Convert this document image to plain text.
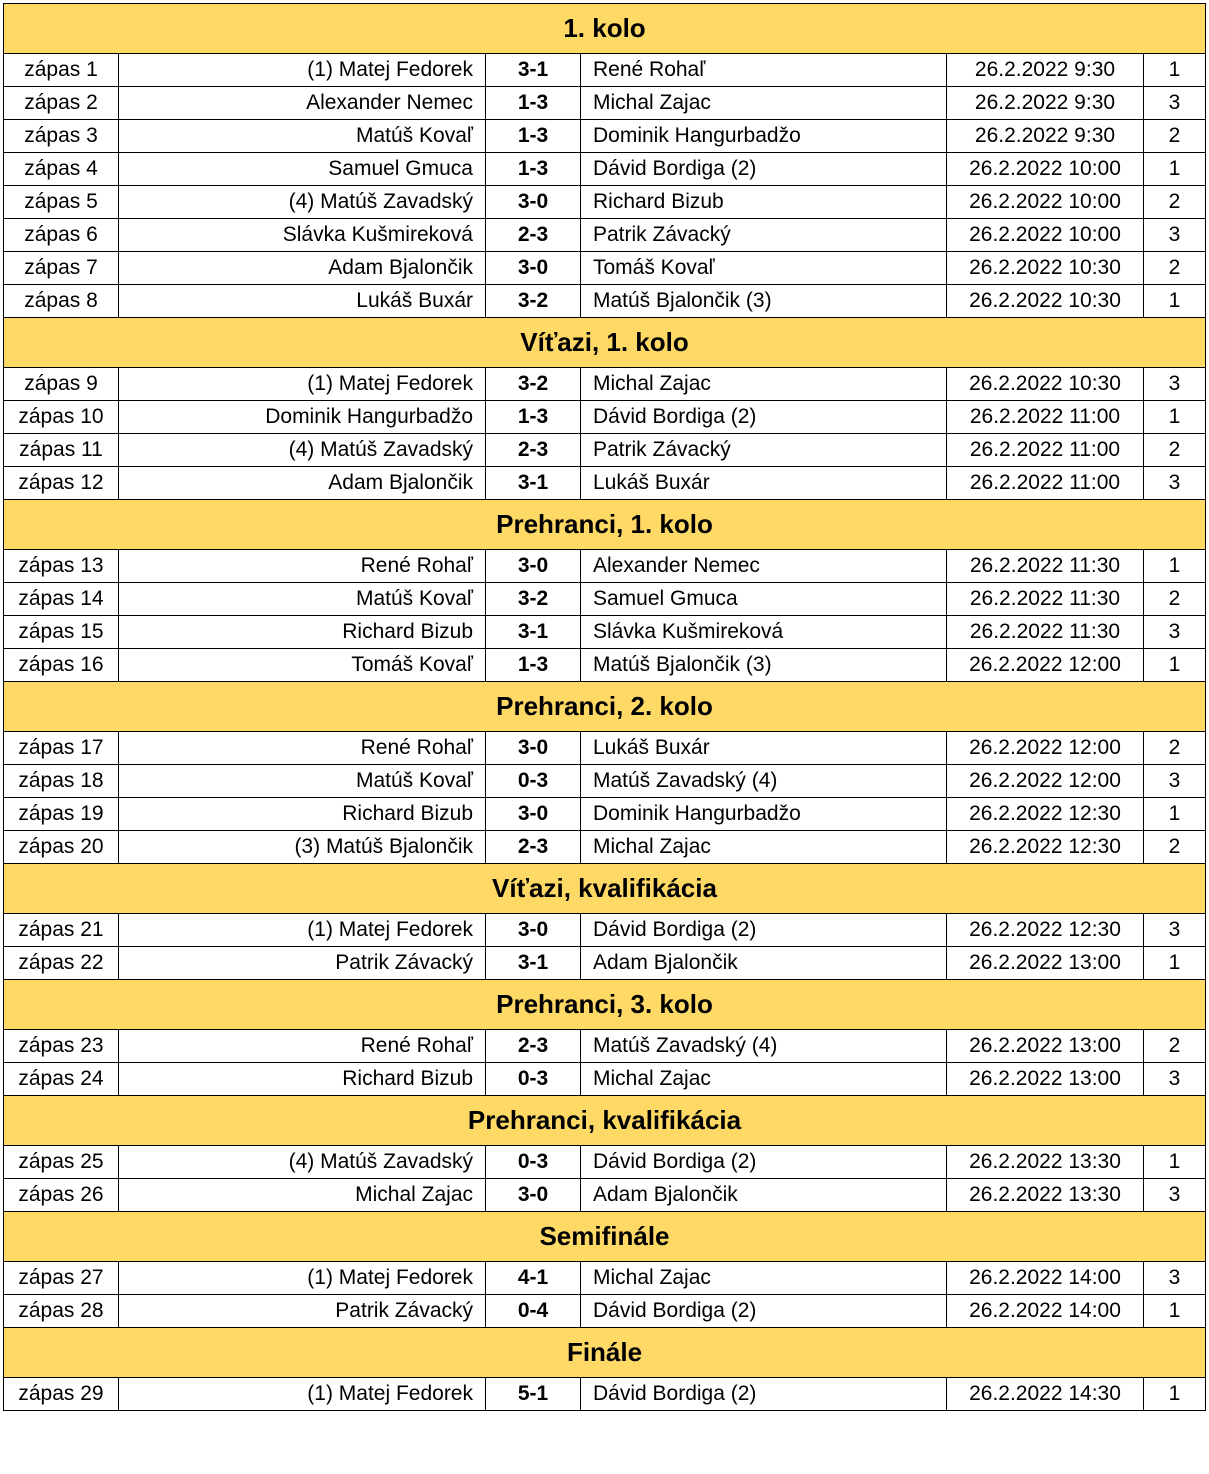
1. kolo					
zápas 1	(1) Matej Fedorek	3-1	René Rohaľ	26.2.2022 9:30	1
zápas 2	Alexander Nemec	1-3	Michal Zajac	26.2.2022 9:30	3
zápas 3	Matúš Kovaľ	1-3	Dominik Hangurbadžo	26.2.2022 9:30	2
zápas 4	Samuel Gmuca	1-3	Dávid Bordiga (2)	26.2.2022 10:00	1
zápas 5	(4) Matúš Zavadský	3-0	Richard Bizub	26.2.2022 10:00	2
zápas 6	Slávka Kušmireková	2-3	Patrik Závacký	26.2.2022 10:00	3
zápas 7	Adam Bjalončik	3-0	Tomáš Kovaľ	26.2.2022 10:30	2
zápas 8	Lukáš Buxár	3-2	Matúš Bjalončik (3)	26.2.2022 10:30	1
Víťazi, 1. kolo					
zápas 9	(1) Matej Fedorek	3-2	Michal Zajac	26.2.2022 10:30	3
zápas 10	Dominik Hangurbadžo	1-3	Dávid Bordiga (2)	26.2.2022 11:00	1
zápas 11	(4) Matúš Zavadský	2-3	Patrik Závacký	26.2.2022 11:00	2
zápas 12	Adam Bjalončik	3-1	Lukáš Buxár	26.2.2022 11:00	3
Prehranci, 1. kolo					
zápas 13	René Rohaľ	3-0	Alexander Nemec	26.2.2022 11:30	1
zápas 14	Matúš Kovaľ	3-2	Samuel Gmuca	26.2.2022 11:30	2
zápas 15	Richard Bizub	3-1	Slávka Kušmireková	26.2.2022 11:30	3
zápas 16	Tomáš Kovaľ	1-3	Matúš Bjalončik (3)	26.2.2022 12:00	1
Prehranci, 2. kolo					
zápas 17	René Rohaľ	3-0	Lukáš Buxár	26.2.2022 12:00	2
zápas 18	Matúš Kovaľ	0-3	Matúš Zavadský (4)	26.2.2022 12:00	3
zápas 19	Richard Bizub	3-0	Dominik Hangurbadžo	26.2.2022 12:30	1
zápas 20	(3) Matúš Bjalončik	2-3	Michal Zajac	26.2.2022 12:30	2
Víťazi, kvalifikácia					
zápas 21	(1) Matej Fedorek	3-0	Dávid Bordiga (2)	26.2.2022 12:30	3
zápas 22	Patrik Závacký	3-1	Adam Bjalončik	26.2.2022 13:00	1
Prehranci, 3. kolo					
zápas 23	René Rohaľ	2-3	Matúš Zavadský (4)	26.2.2022 13:00	2
zápas 24	Richard Bizub	0-3	Michal Zajac	26.2.2022 13:00	3
Prehranci, kvalifikácia					
zápas 25	(4) Matúš Zavadský	0-3	Dávid Bordiga (2)	26.2.2022 13:30	1
zápas 26	Michal Zajac	3-0	Adam Bjalončik	26.2.2022 13:30	3
Semifinále					
zápas 27	(1) Matej Fedorek	4-1	Michal Zajac	26.2.2022 14:00	3
zápas 28	Patrik Závacký	0-4	Dávid Bordiga (2)	26.2.2022 14:00	1
Finále					
zápas 29	(1) Matej Fedorek	5-1	Dávid Bordiga (2)	26.2.2022 14:30	1
